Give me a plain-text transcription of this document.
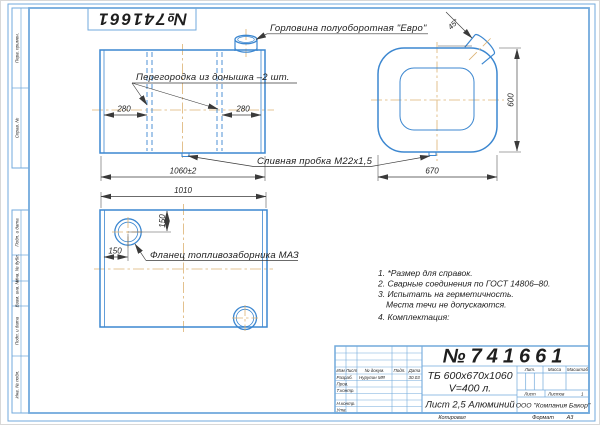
Перв. примен.
Справ. №
Подп. и дата
Инв. № дубл.
Взам. инв. №
Подп. и дата
Инв. № подл.
№741661
1060±2
280	280
Перегородка из донышка –2 шт.
Горловина полуоборотная "Евро"
1010
150
150	Фланец топливозаборника МАЗ
45°
600
670
Сливная пробка М22х1,5
1. *Размер для справок.
2. Сварные соединения по ГОСТ 14806–80.
3. Испытать на герметичность.
Места течи не допускаются.
4. Комплектация:
Изм Лист № докум. Подп. Дата
Разраб. Нурулин МЯ	30.03
Пров.
Т.контр.
Н.контр.
Утв.
№741661
ТБ 600х670х1060
V=400 л.
Лист 2,5 Алюминий
Лит.	Масса Масштаб
Лист	Листов	1
ООО "Компания Бакор"
Копировал	Формат А3
